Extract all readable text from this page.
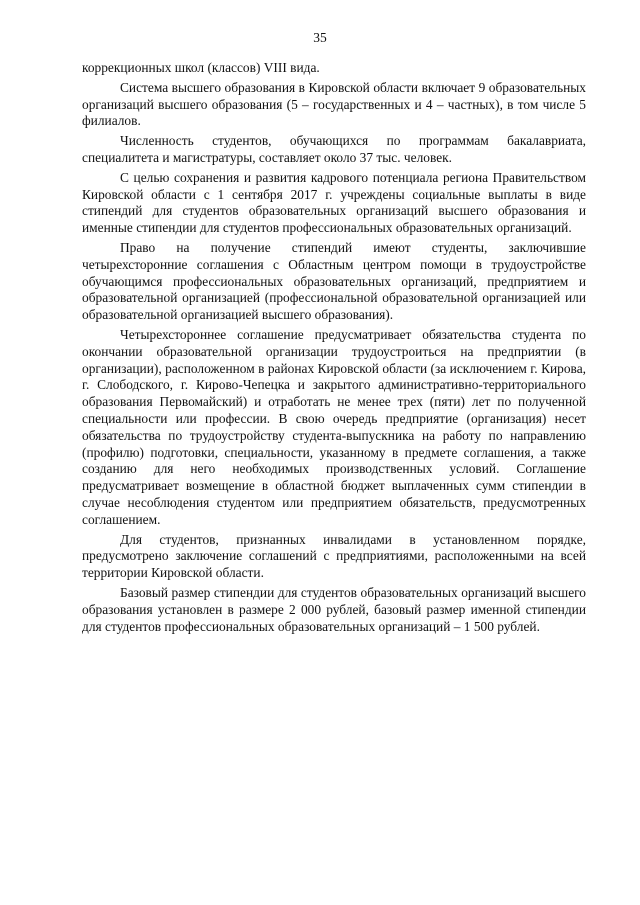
35

коррекционных школ (классов) VIII вида.

Система высшего образования в Кировской области включает 9 образовательных организаций высшего образования (5 – государственных и 4 – частных), в том числе 5 филиалов.

Численность студентов, обучающихся по программам бакалавриата, специалитета и магистратуры, составляет около 37 тыс. человек.

С целью сохранения и развития кадрового потенциала региона Правительством Кировской области с 1 сентября 2017 г. учреждены социальные выплаты в виде стипендий для студентов образовательных организаций высшего образования и именные стипендии для студентов профессиональных образовательных организаций.

Право на получение стипендий имеют студенты, заключившие четырехсторонние соглашения с Областным центром помощи в трудоустройстве обучающимся профессиональных образовательных организаций, предприятием и образовательной организацией (профессиональной образовательной организацией или образовательной организацией высшего образования).

Четырехстороннее соглашение предусматривает обязательства студента по окончании образовательной организации трудоустроиться на предприятии (в организации), расположенном в районах Кировской области (за исключением г. Кирова, г. Слободского, г. Кирово-Чепецка и закрытого административно-территориального образования Первомайский) и отработать не менее трех (пяти) лет по полученной специальности или профессии. В свою очередь предприятие (организация) несет обязательства по трудоустройству студента-выпускника на работу по направлению (профилю) подготовки, специальности, указанному в предмете соглашения, а также созданию для него необходимых производственных условий. Соглашение предусматривает возмещение в областной бюджет выплаченных сумм стипендии в случае несоблюдения студентом или предприятием обязательств, предусмотренных соглашением.

Для студентов, признанных инвалидами в установленном порядке, предусмотрено заключение соглашений с предприятиями, расположенными на всей территории Кировской области.

Базовый размер стипендии для студентов образовательных организаций высшего образования установлен в размере 2 000 рублей, базовый размер именной стипендии для студентов профессиональных образовательных организаций – 1 500 рублей.
